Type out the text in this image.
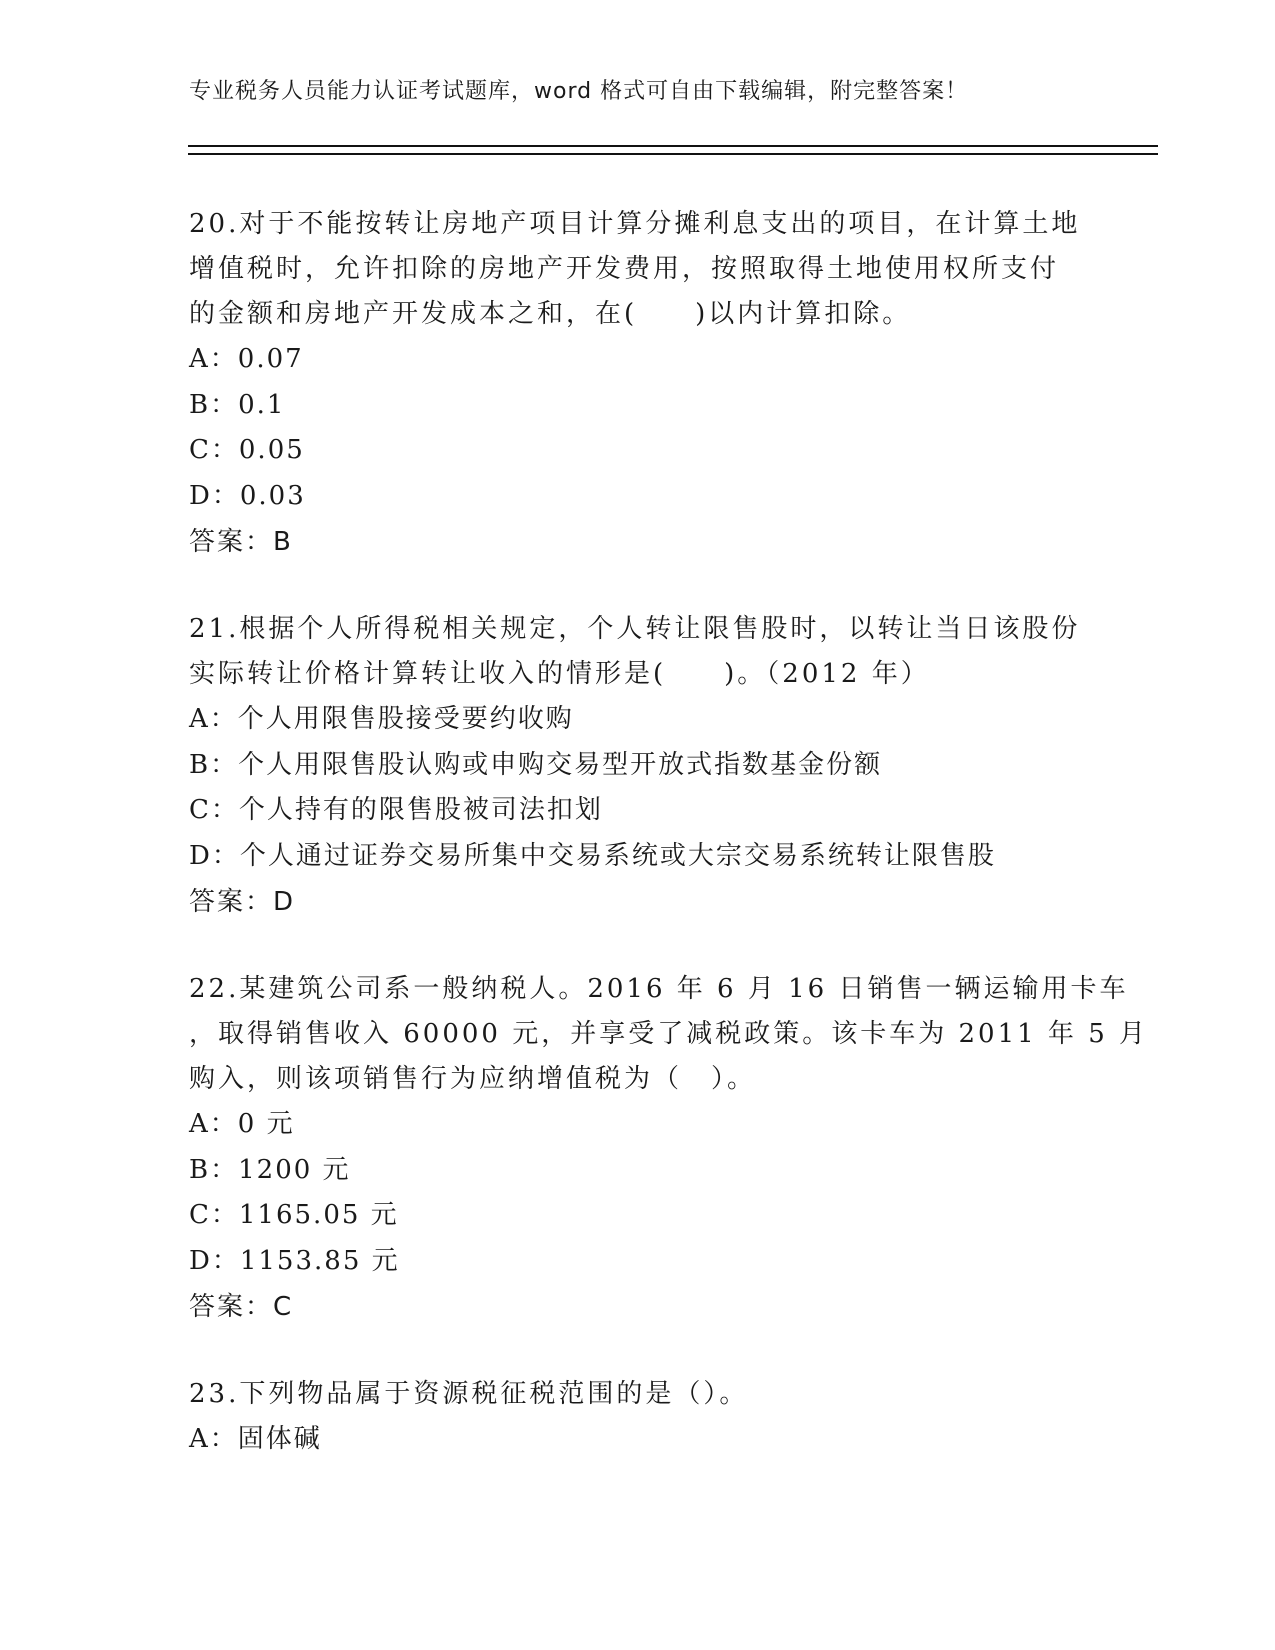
专业税务人员能力认证考试题库，word 格式可自由下载编辑，附完整答案！
20.对于不能按转让房地产项目计算分摊利息支出的项目，在计算土地
增值税时，允许扣除的房地产开发费用，按照取得土地使用权所支付
的金额和房地产开发成本之和，在(　　)以内计算扣除。
A：0.07
B：0.1
C：0.05
D：0.03
答案：B
21.根据个人所得税相关规定，个人转让限售股时，以转让当日该股份
实际转让价格计算转让收入的情形是(　　)。（2012 年）
A：个人用限售股接受要约收购
B：个人用限售股认购或申购交易型开放式指数基金份额
C：个人持有的限售股被司法扣划
D：个人通过证券交易所集中交易系统或大宗交易系统转让限售股
答案：D
22.某建筑公司系一般纳税人。2016 年 6 月 16 日销售一辆运输用卡车
，取得销售收入 60000 元，并享受了减税政策。该卡车为 2011 年 5 月
购入，则该项销售行为应纳增值税为（　）。
A：0 元
B：1200 元
C：1165.05 元
D：1153.85 元
答案：C
23.下列物品属于资源税征税范围的是（）。
A：固体碱
